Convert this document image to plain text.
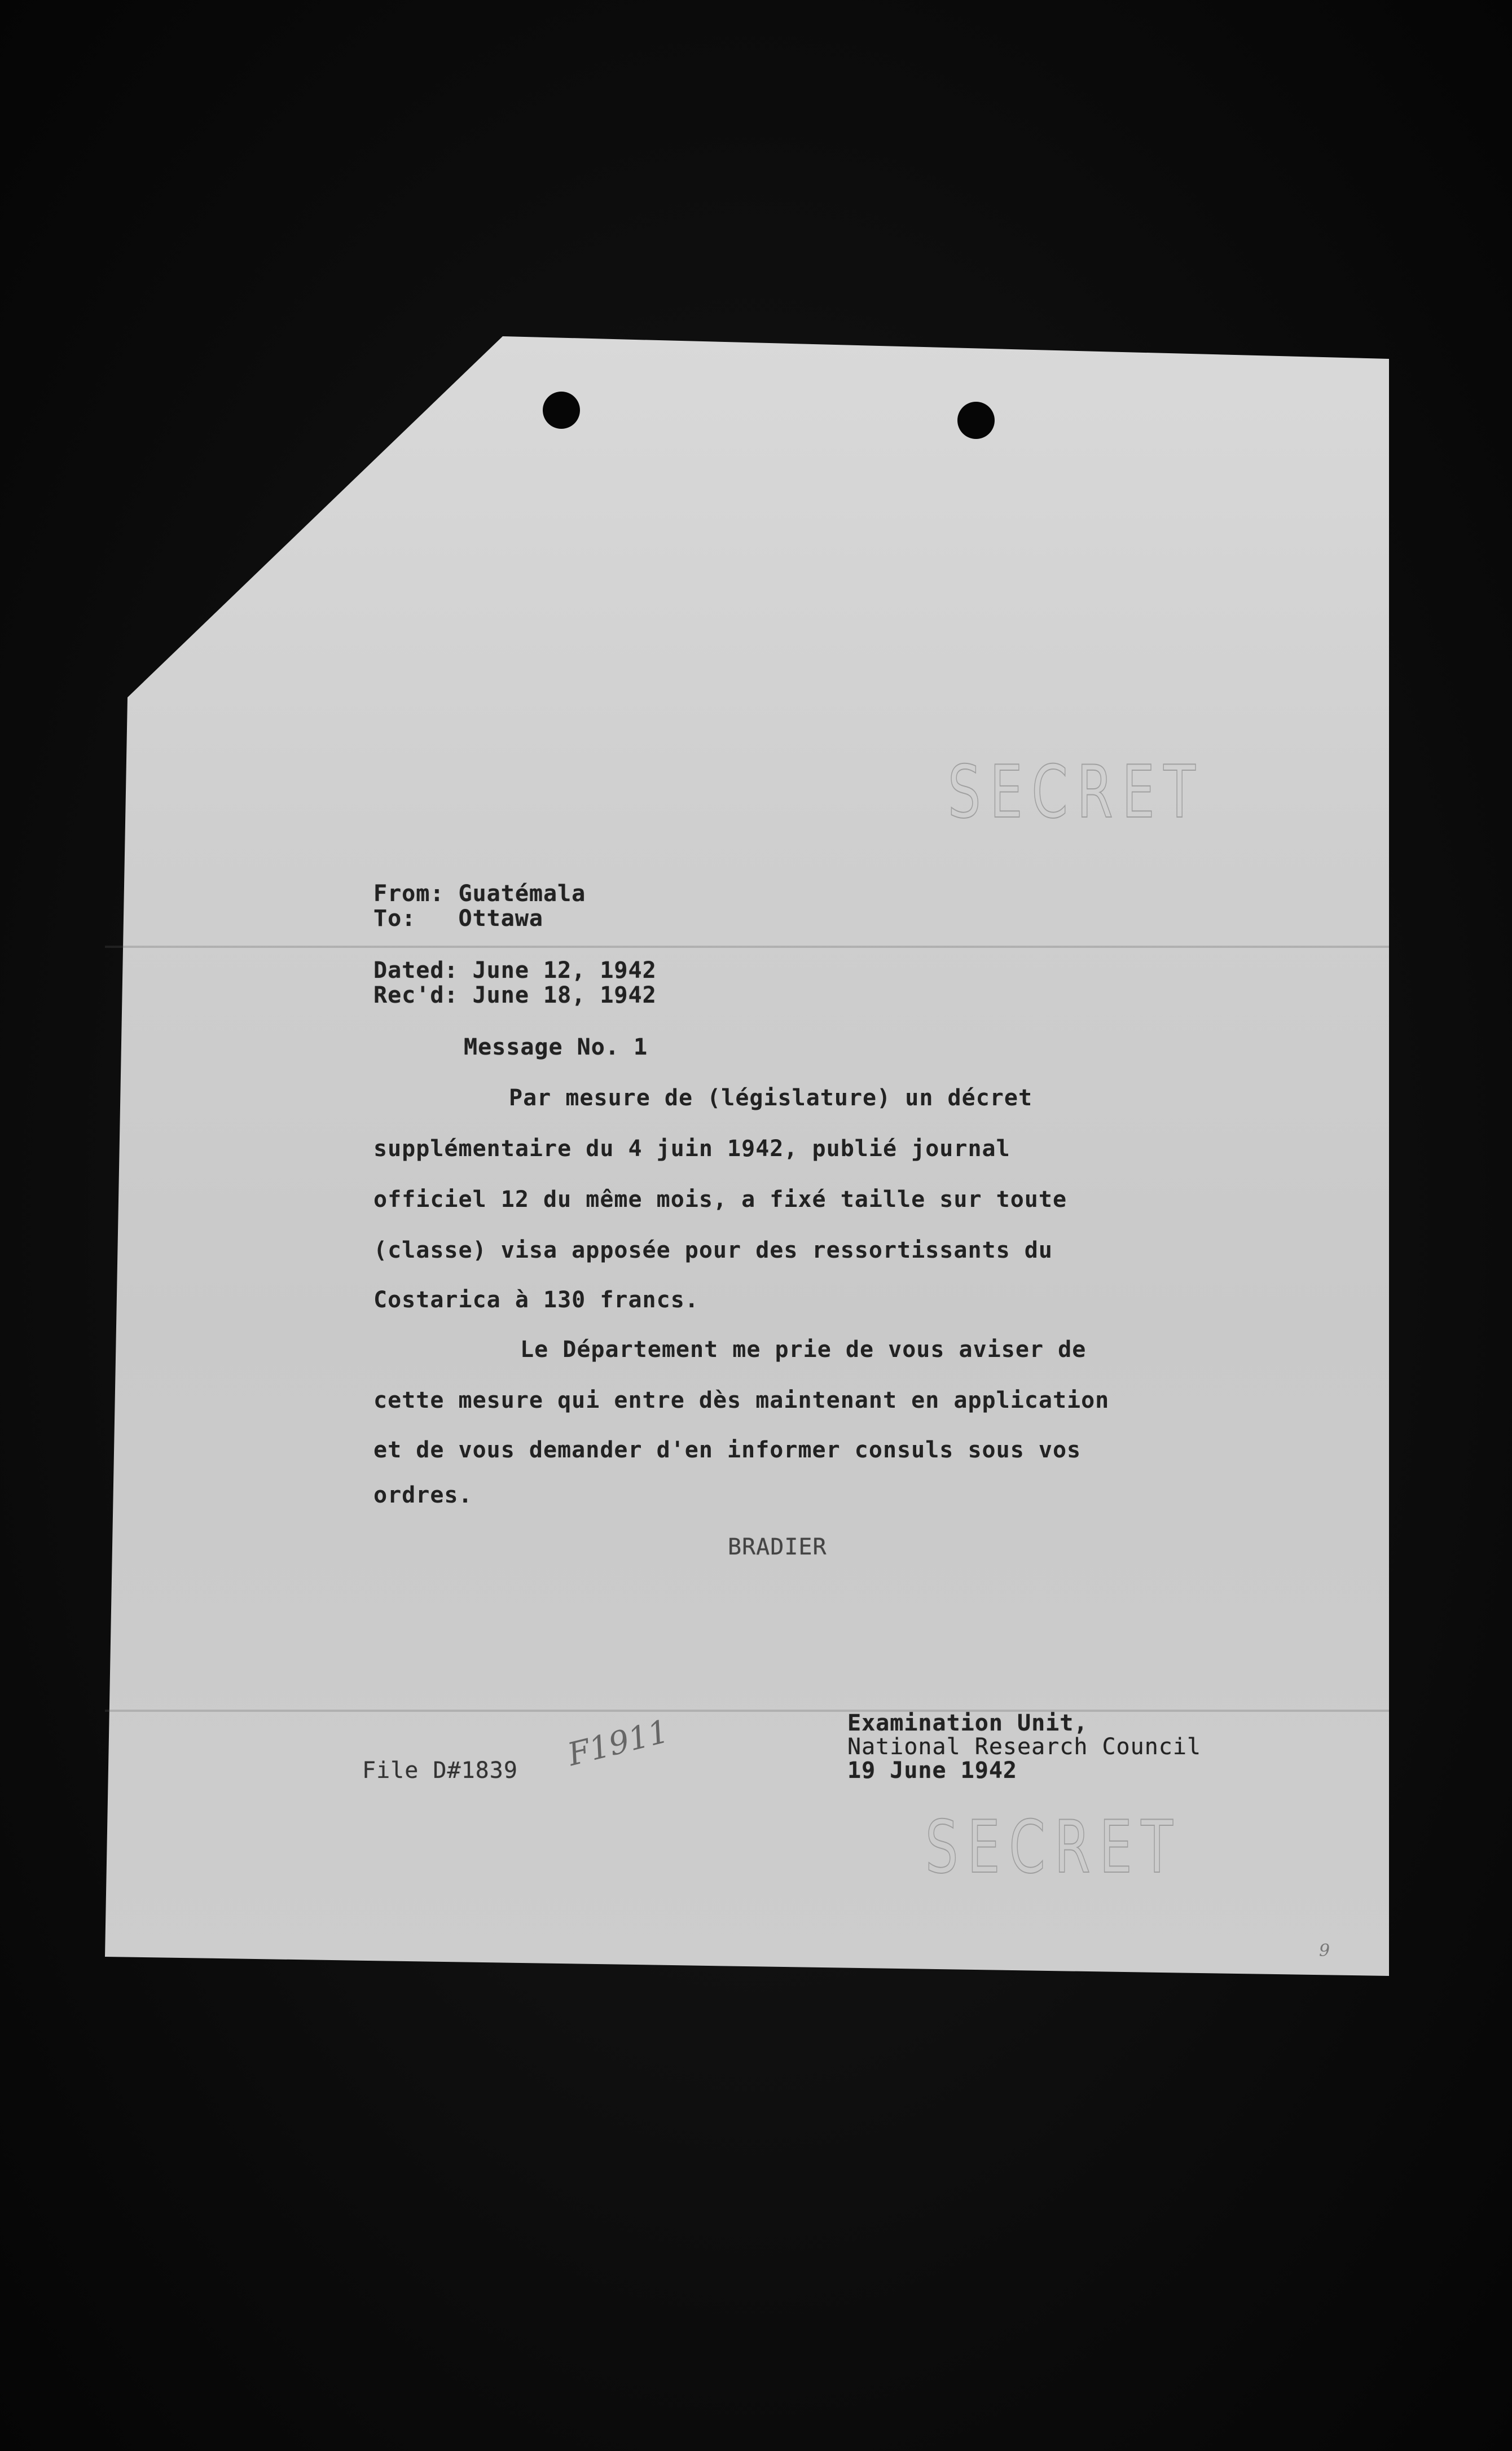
SECRET
From: Guatémala
To: Ottawa
Dated: June 12, 1942
Rec'd: June 18, 1942
Message No. 1
Par mesure de (législature) un décret
supplémentaire du 4 juin 1942, publié journal
officiel 12 du même mois, a fixé taille sur toute
(classe) visa apposée pour des ressortissants du
Costarica à 130 francs.
Le Département me prie de vous aviser de
cette mesure qui entre dès maintenant en application
et de vous demander d'en informer consuls sous vos
ordres.
BRADIER
Examination Unit,
National Research Council
19 June 1942
File D#1839 F1911
SECRET
9
